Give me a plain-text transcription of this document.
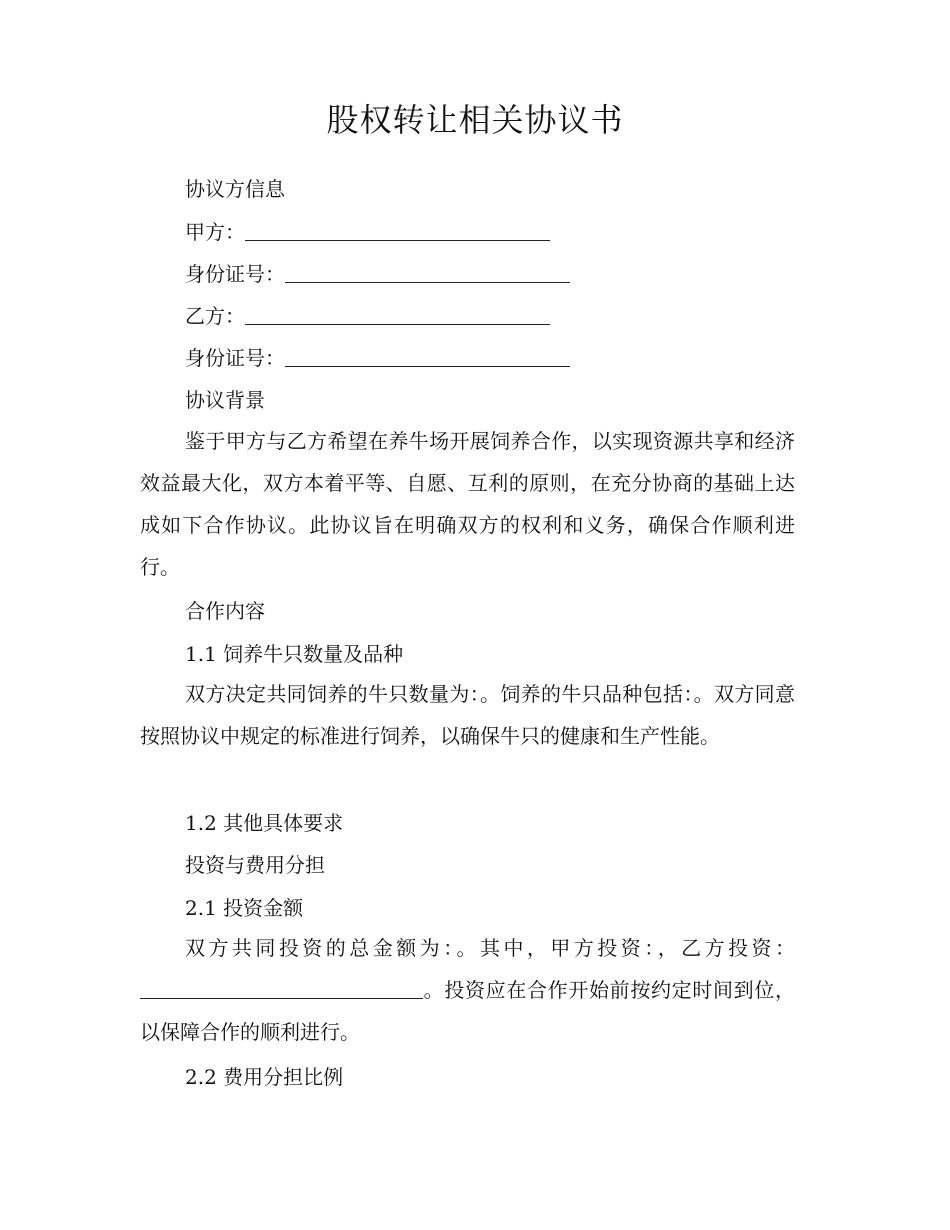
股权转让相关协议书
协议方信息
甲方：
身份证号：
乙方：
身份证号：
协议背景
鉴于甲方与乙方希望在养牛场开展饲养合作，以实现资源共享和经济效益最大化，双方本着平等、自愿、互利的原则，在充分协商的基础上达成如下合作协议。此协议旨在明确双方的权利和义务，确保合作顺利进行。
合作内容
1.1 饲养牛只数量及品种
双方决定共同饲养的牛只数量为：。饲养的牛只品种包括：。双方同意按照协议中规定的标准进行饲养，以确保牛只的健康和生产性能。
1.2 其他具体要求
投资与费用分担
2.1 投资金额
双方共同投资的总金额为：。其中，甲方投资：，乙方投资：。投资应在合作开始前按约定时间到位，以保障合作的顺利进行。
2.2 费用分担比例
